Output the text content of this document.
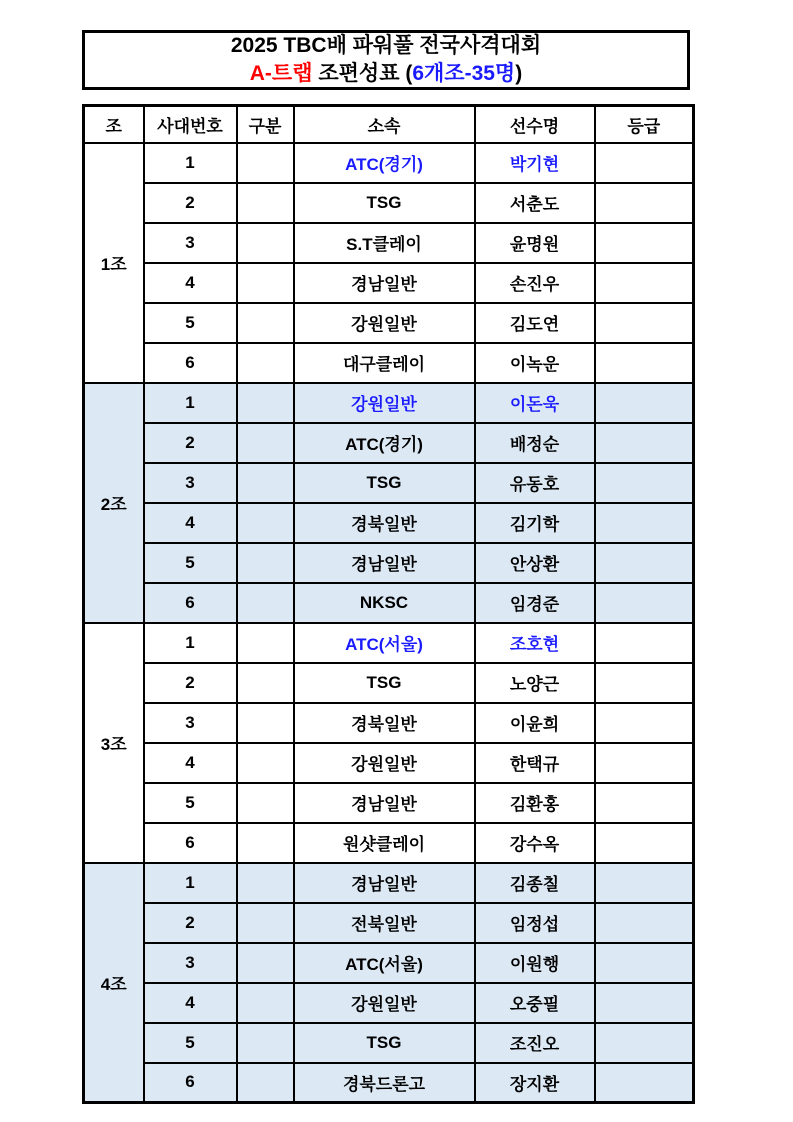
2025 TBC배 파워풀 전국사격대회
A-트랩 조편성표 (6개조-35명)
조	사대번호	구분	소속	선수명	등급
1조	1		ATC(경기)	박기현	
	2		TSG	서춘도	
	3		S.T클레이	윤명원	
	4		경남일반	손진우	
	5		강원일반	김도연	
	6		대구클레이	이녹운	
2조	1		강원일반	이돈욱	
	2		ATC(경기)	배정순	
	3		TSG	유동호	
	4		경북일반	김기학	
	5		경남일반	안상환	
	6		NKSC	임경준	
3조	1		ATC(서울)	조호현	
	2		TSG	노양근	
	3		경북일반	이윤희	
	4		강원일반	한택규	
	5		경남일반	김환홍	
	6		원샷클레이	강수옥	
4조	1		경남일반	김종칠	
	2		전북일반	임정섭	
	3		ATC(서울)	이원행	
	4		강원일반	오중필	
	5		TSG	조진오	
	6		경북드론고	장지환	
